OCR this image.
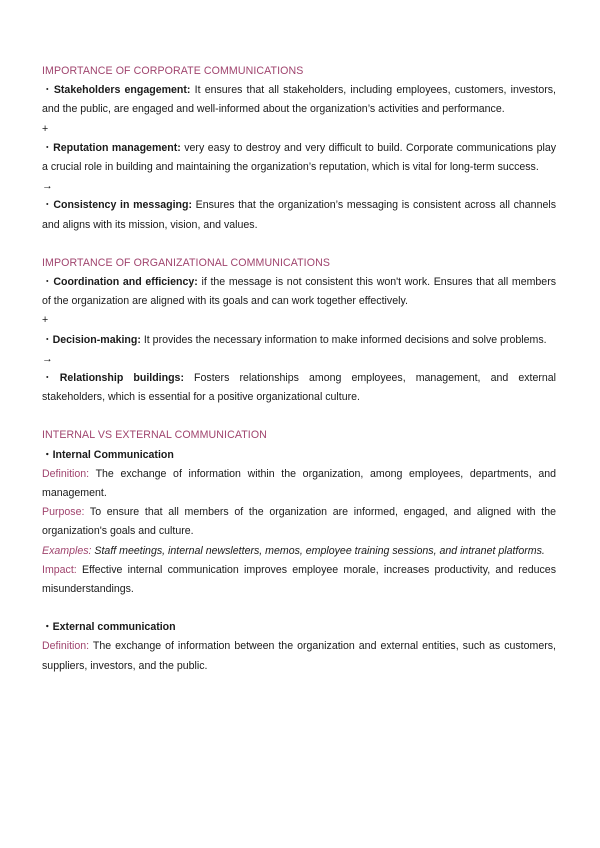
IMPORTANCE OF CORPORATE COMMUNICATIONS

・Stakeholders engagement: It ensures that all stakeholders, including employees, customers, investors, and the public, are engaged and well-informed about the organization’s activities and performance.

+

・Reputation management: very easy to destroy and very difficult to build. Corporate communications play a crucial role in building and maintaining the organization’s reputation, which is vital for long-term success.

→

・Consistency in messaging: Ensures that the organization’s messaging is consistent across all channels and aligns with its mission, vision, and values.

IMPORTANCE OF ORGANIZATIONAL COMMUNICATIONS

・Coordination and efficiency: if the message is not consistent this won't work. Ensures that all members of the organization are aligned with its goals and can work together effectively.

+

・Decision-making: It provides the necessary information to make informed decisions and solve problems.

→

・Relationship buildings: Fosters relationships among employees, management, and external stakeholders, which is essential for a positive organizational culture.

INTERNAL VS EXTERNAL COMMUNICATION
・Internal Communication

Definition: The exchange of information within the organization, among employees, departments, and management.

Purpose: To ensure that all members of the organization are informed, engaged, and aligned with the organization's goals and culture.

Examples: Staff meetings, internal newsletters, memos, employee training sessions, and intranet platforms.

Impact: Effective internal communication improves employee morale, increases productivity, and reduces misunderstandings.

・External communication

Definition: The exchange of information between the organization and external entities, such as customers, suppliers, investors, and the public.
